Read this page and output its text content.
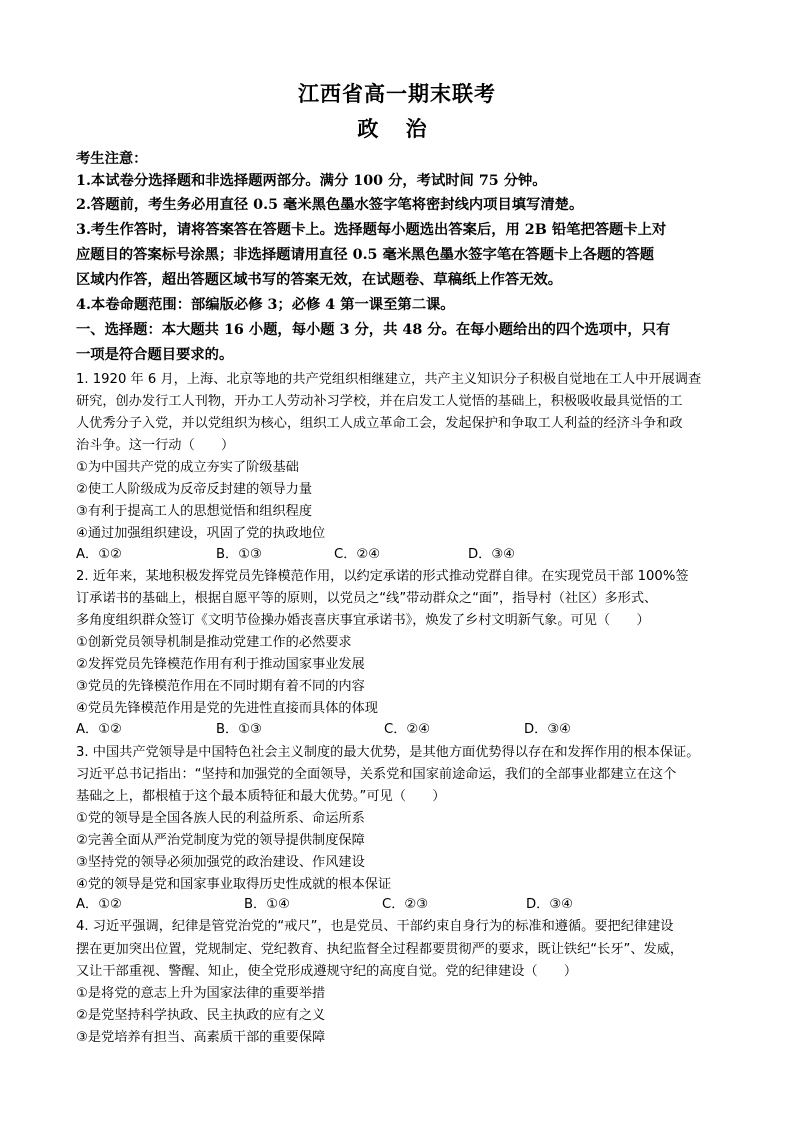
江西省高一期末联考
政 治
考生注意：
1.本试卷分选择题和非选择题两部分。满分 100 分，考试时间 75 分钟。
2.答题前，考生务必用直径 0.5 毫米黑色墨水签字笔将密封线内项目填写清楚。
3.考生作答时，请将答案答在答题卡上。选择题每小题选出答案后，用 2B 铅笔把答题卡上对
应题目的答案标号涂黑；非选择题请用直径 0.5 毫米黑色墨水签字笔在答题卡上各题的答题
区域内作答，超出答题区域书写的答案无效，在试题卷、草稿纸上作答无效。
4.本卷命题范围：部编版必修 3；必修 4 第一课至第二课。
一、选择题：本大题共 16 小题，每小题 3 分，共 48 分。在每小题给出的四个选项中，只有
一项是符合题目要求的。
1. 1920 年 6 月，上海、北京等地的共产党组织相继建立，共产主义知识分子积极自觉地在工人中开展调查
研究，创办发行工人刊物，开办工人劳动补习学校，并在启发工人觉悟的基础上，积极吸收最具觉悟的工
人优秀分子入党，并以党组织为核心，组织工人成立革命工会，发起保护和争取工人利益的经济斗争和政
治斗争。这一行动（　　）
①为中国共产党的成立夯实了阶级基础
②使工人阶级成为反帝反封建的领导力量
③有利于提高工人的思想觉悟和组织程度
④通过加强组织建设，巩固了党的执政地位
A．①②	B．①③	C．②④	D．③④
2. 近年来，某地积极发挥党员先锋模范作用，以约定承诺的形式推动党群自律。在实现党员干部 100%签
订承诺书的基础上，根据自愿平等的原则，以党员之“线”带动群众之“面”，指导村（社区）多形式、
多角度组织群众签订《文明节俭操办婚丧喜庆事宜承诺书》，焕发了乡村文明新气象。可见（　　）
①创新党员领导机制是推动党建工作的必然要求
②发挥党员先锋模范作用有利于推动国家事业发展
③党员的先锋模范作用在不同时期有着不同的内容
④党员先锋模范作用是党的先进性直接而具体的体现
A．①②	B．①③	C．②④	D．③④
3. 中国共产党领导是中国特色社会主义制度的最大优势，是其他方面优势得以存在和发挥作用的根本保证。
习近平总书记指出：“坚持和加强党的全面领导，关系党和国家前途命运，我们的全部事业都建立在这个
基础之上，都根植于这个最本质特征和最大优势。”可见（　　）
①党的领导是全国各族人民的利益所系、命运所系
②完善全面从严治党制度为党的领导提供制度保障
③坚持党的领导必须加强党的政治建设、作风建设
④党的领导是党和国家事业取得历史性成就的根本保证
A．①②	B．①④	C．②③	D．③④
4. 习近平强调，纪律是管党治党的“戒尺”，也是党员、干部约束自身行为的标准和遵循。要把纪律建设
摆在更加突出位置，党规制定、党纪教育、执纪监督全过程都要贯彻严的要求，既让铁纪“长牙”、发威，
又让干部重视、警醒、知止，使全党形成遵规守纪的高度自觉。党的纪律建设（　　）
①是将党的意志上升为国家法律的重要举措
②是党坚持科学执政、民主执政的应有之义
③是党培养有担当、高素质干部的重要保障
